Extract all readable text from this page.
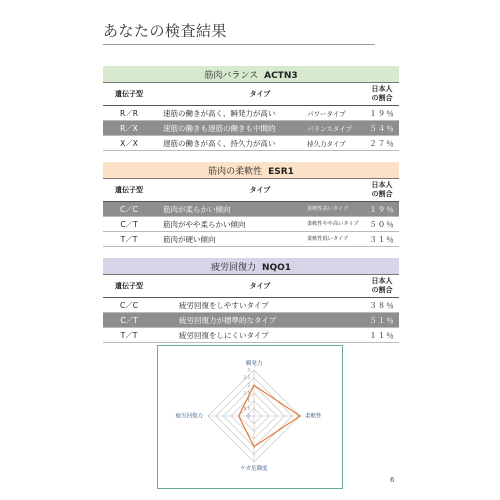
あなたの検査結果
筋肉バランス ACTN3			
遺伝子型	タイプ		日本人
の割合
R／R	速筋の働きが高く、瞬発力が高い	パワータイプ	１９％
R／X	速筋の働きも遅筋の働きも中間的	バランスタイプ	５４％
X／X	遅筋の働きが高く、持久力が高い	持久力タイプ	２７％
筋肉の柔軟性 ESR1			
遺伝子型	タイプ		日本人
の割合
C／C	筋肉が柔らかい傾向	柔軟性高いタイプ	１９％
C／T	筋肉がやや柔らかい傾向	柔軟性やや高いタイプ	５０％
T／T	筋肉が硬い傾向	柔軟性低いタイプ	３１％
疲労回復力 NQO1		
遺伝子型	タイプ	日本人
の割合
C／C	疲労回復をしやすいタイプ	３８％
C／T	疲労回復力が標準的なタイプ	５１％
T／T	疲労回復をしにくいタイプ	１１％
0
0.5
1
1.5
2
2.5
3
瞬発力
柔軟性
ケガ危険度
疲労回復力
6
